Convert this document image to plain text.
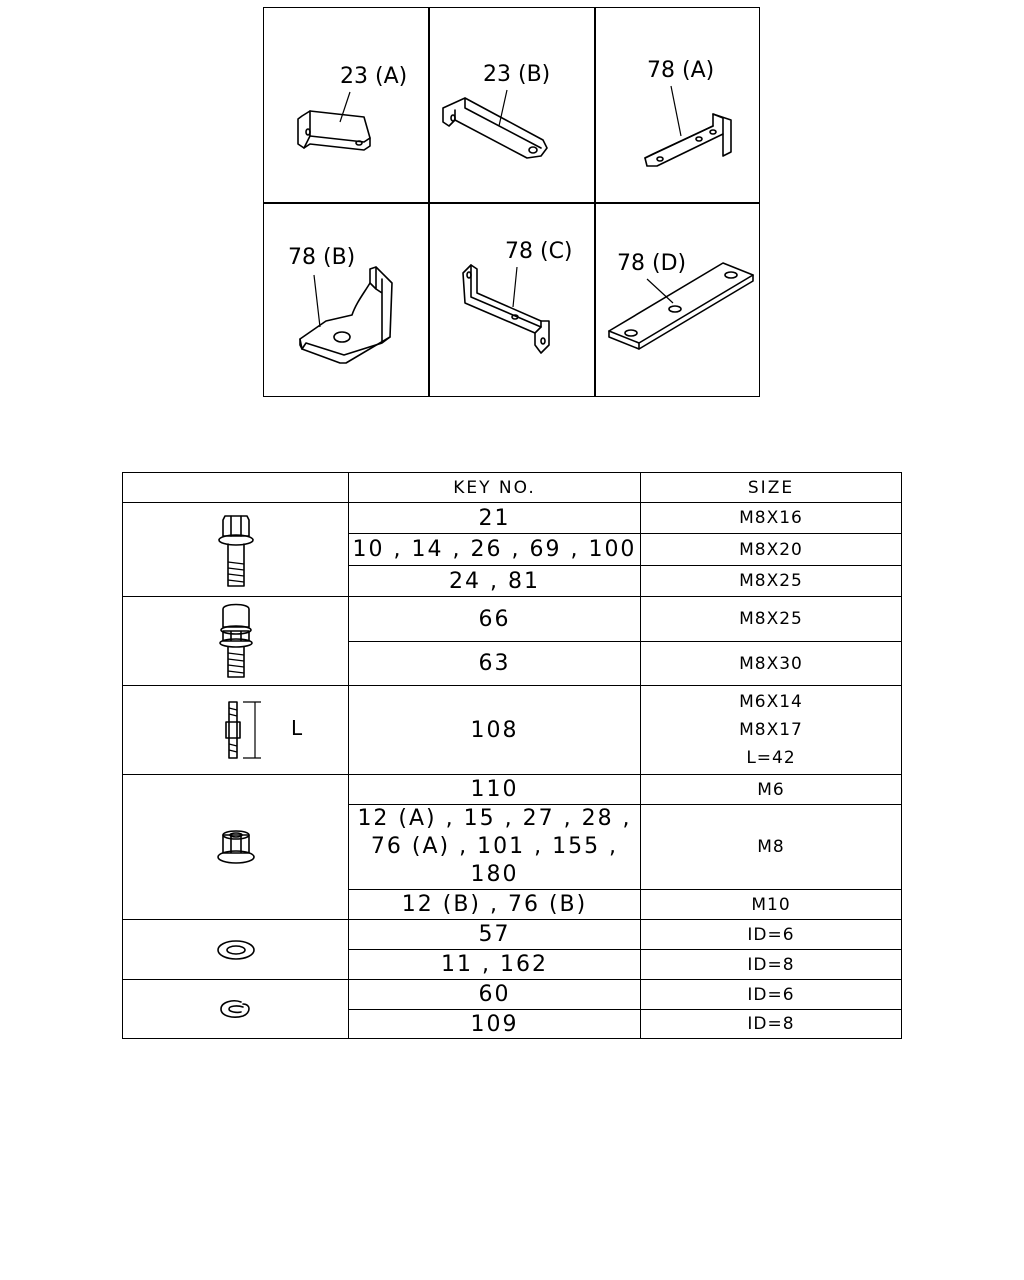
23 (A)	23 (B)	78 (A)
78 (B)	78 (C) 78 (D)
	KEY NO.	SIZE

	21	M8X16
	10 , 14 , 26 , 69 , 100	M8X20
	24 , 81	M8X25

	66	M8X25
	63	M8X30

L	108	M6X14
M8X17
L=42

	110	M6

	12 (A) , 15 , 27 , 28 ,
76 (A) , 101 , 155 , 180	M8
	12 (B) , 76 (B)	M10

	57	ID=6
	11 , 162	ID=8

	60	ID=6
	109	ID=8
